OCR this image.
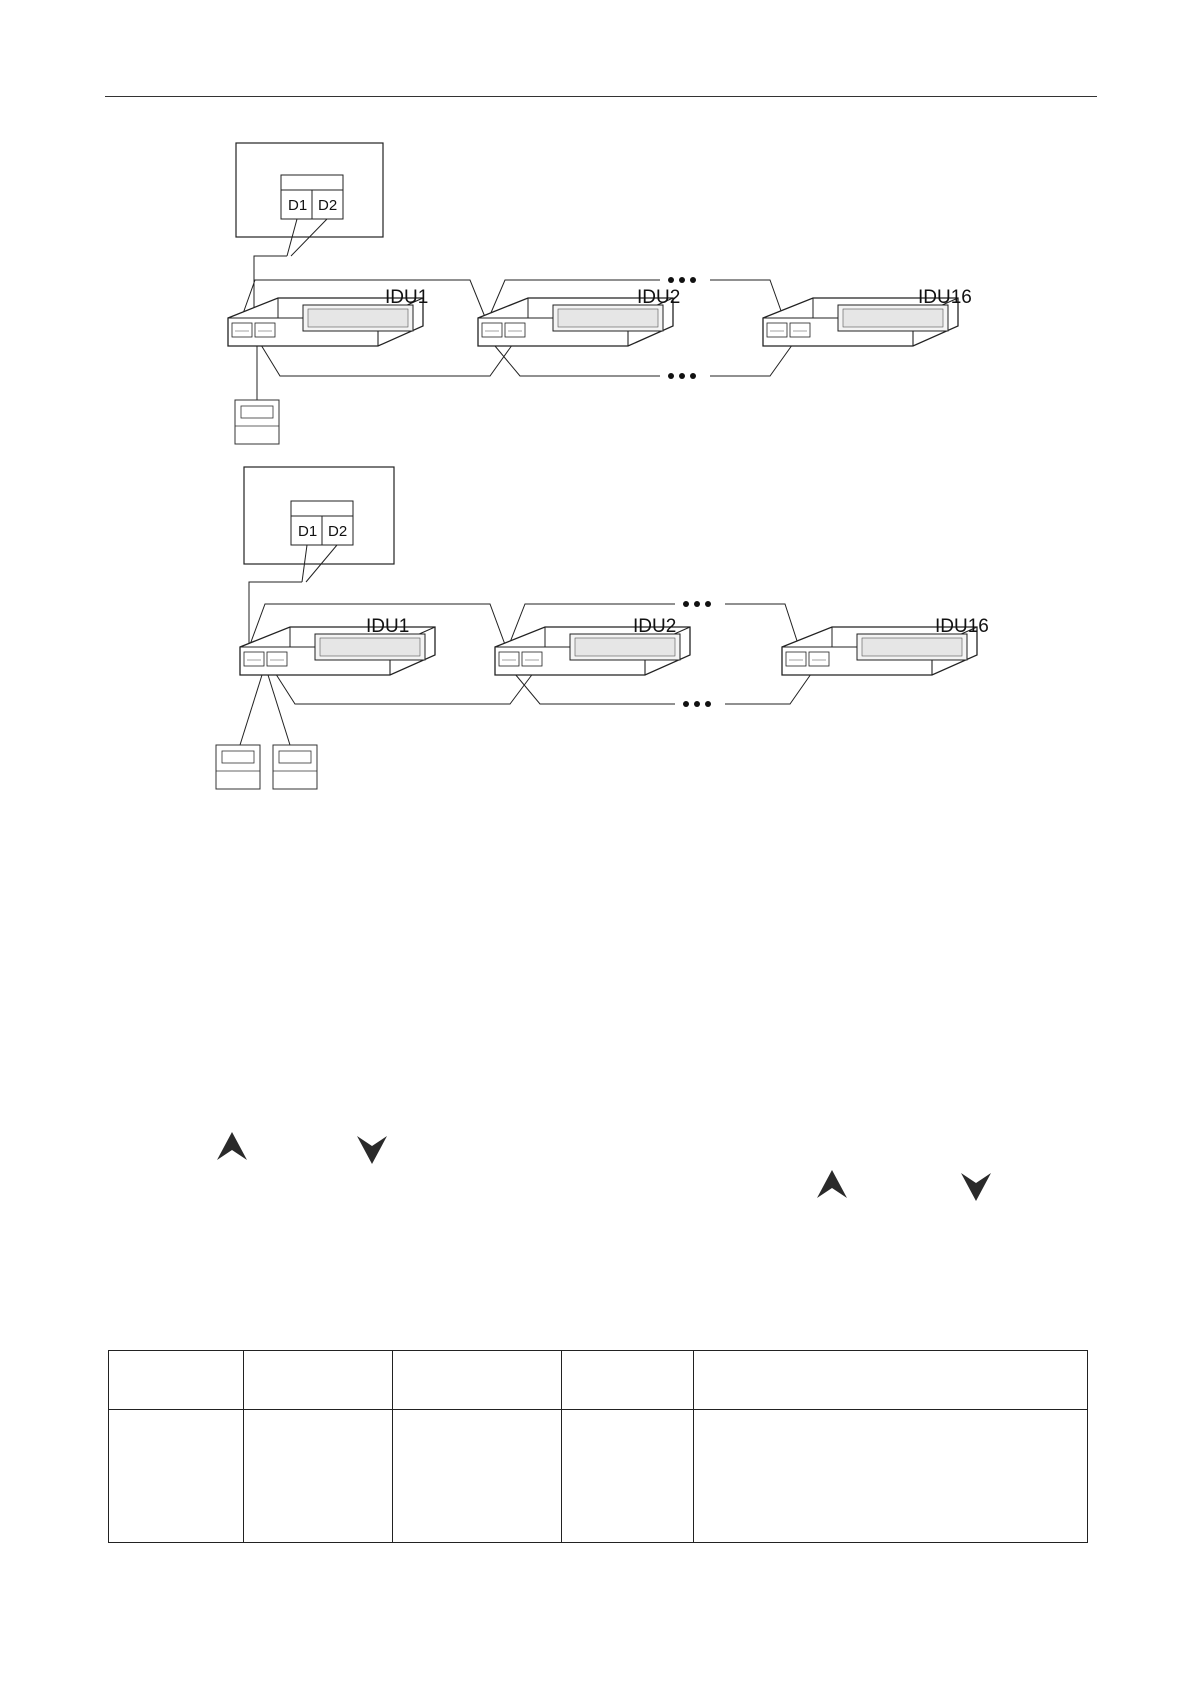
D1 D2
IDU1	IDU2	IDU16
D1 D2
IDU1	IDU2	IDU16
